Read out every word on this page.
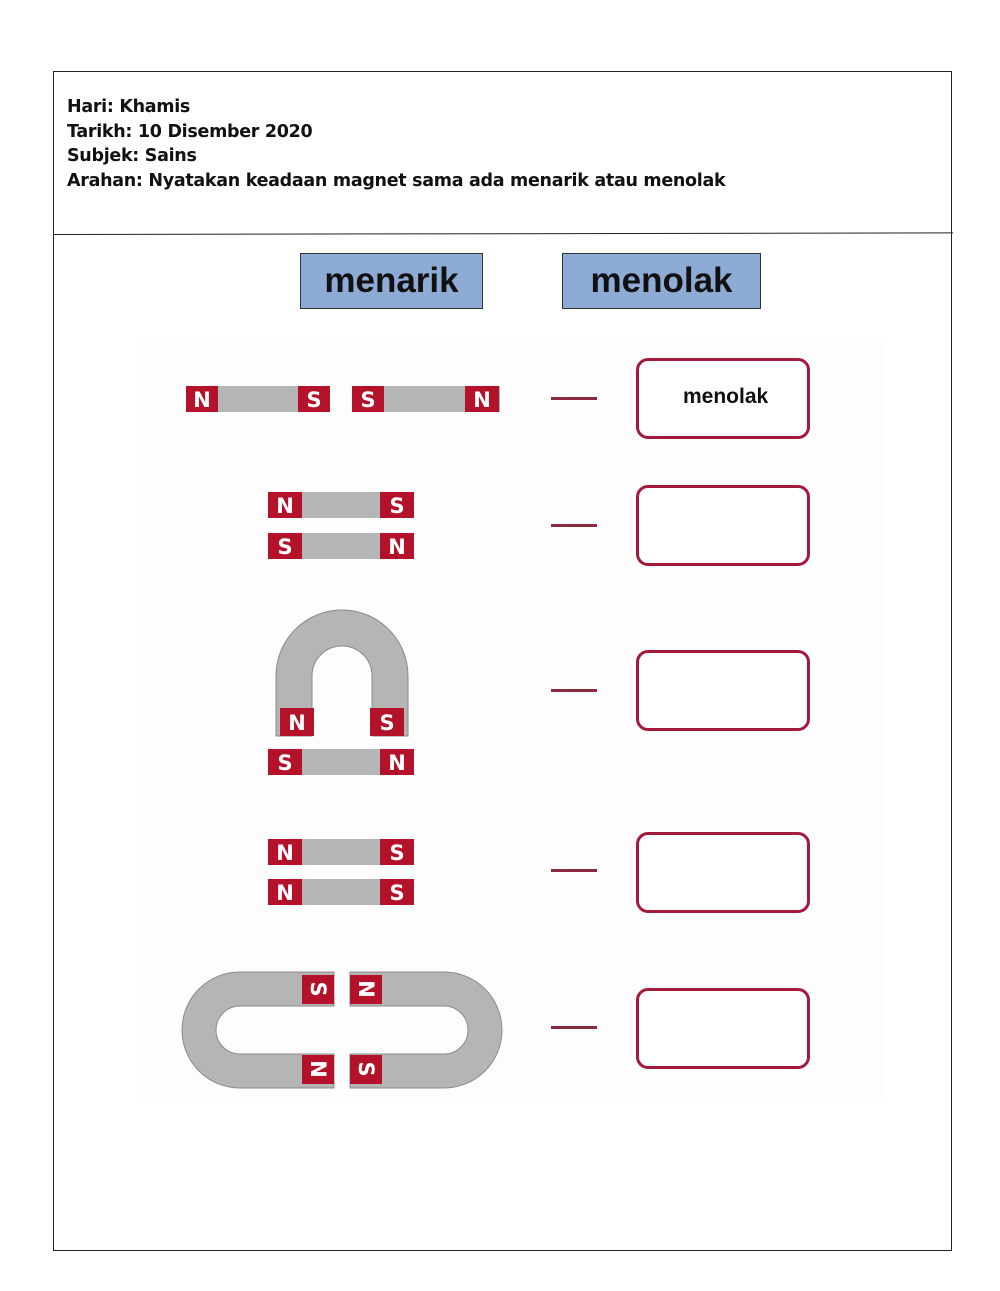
Hari: Khamis
Tarikh: 10 Disember 2020
Subjek: Sains
Arahan: Nyatakan keadaan magnet sama ada menarik atau menolak
menarik	menolak
N	S S	N
N	S
S	N
N	S
S	N
N	S
N	S
S N
N S
menolak
